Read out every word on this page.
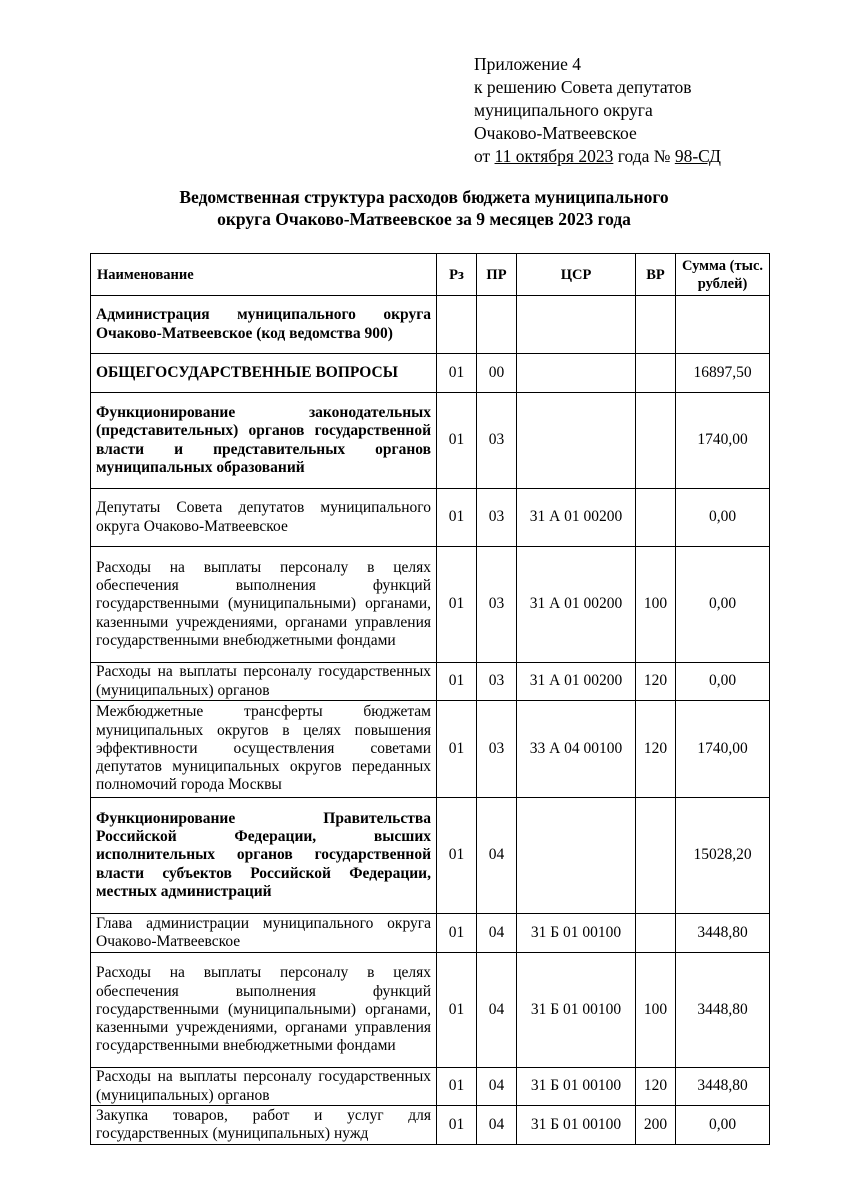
Приложение 4
к решению Совета депутатов
муниципального округа
Очаково-Матвеевское
от 11 октября 2023 года № 98-СД
Ведомственная структура расходов бюджета муниципального
округа Очаково-Матвеевское за 9 месяцев 2023 года
Наименование	Рз	ПР	ЦСР	ВР	Сумма (тыс. рублей)
Администрация муниципального округа Очаково-Матвеевское (код ведомства 900)					
ОБЩЕГОСУДАРСТВЕННЫЕ ВОПРОСЫ	01	00			16897,50
Функционирование законодательных (представительных) органов государственной власти и представительных органов муниципальных образований	01	03			1740,00
Депутаты Совета депутатов муниципального округа Очаково-Матвеевское	01	03	31 А 01 00200		0,00
Расходы на выплаты персоналу в целях обеспечения выполнения функций государственными (муниципальными) органами, казенными учреждениями, органами управления государственными внебюджетными фондами	01	03	31 А 01 00200	100	0,00
Расходы на выплаты персоналу государственных (муниципальных) органов	01	03	31 А 01 00200	120	0,00
Межбюджетные трансферты бюджетам муниципальных округов в целях повышения эффективности осуществления советами депутатов муниципальных округов переданных полномочий города Москвы	01	03	33 А 04 00100	120	1740,00
Функционирование Правительства Российской Федерации, высших исполнительных органов государственной власти субъектов Российской Федерации, местных администраций	01	04			15028,20
Глава администрации муниципального округа Очаково-Матвеевское	01	04	31 Б 01 00100		3448,80
Расходы на выплаты персоналу в целях обеспечения выполнения функций государственными (муниципальными) органами, казенными учреждениями, органами управления государственными внебюджетными фондами	01	04	31 Б 01 00100	100	3448,80
Расходы на выплаты персоналу государственных (муниципальных) органов	01	04	31 Б 01 00100	120	3448,80
Закупка товаров, работ и услуг для государственных (муниципальных) нужд	01	04	31 Б 01 00100	200	0,00
